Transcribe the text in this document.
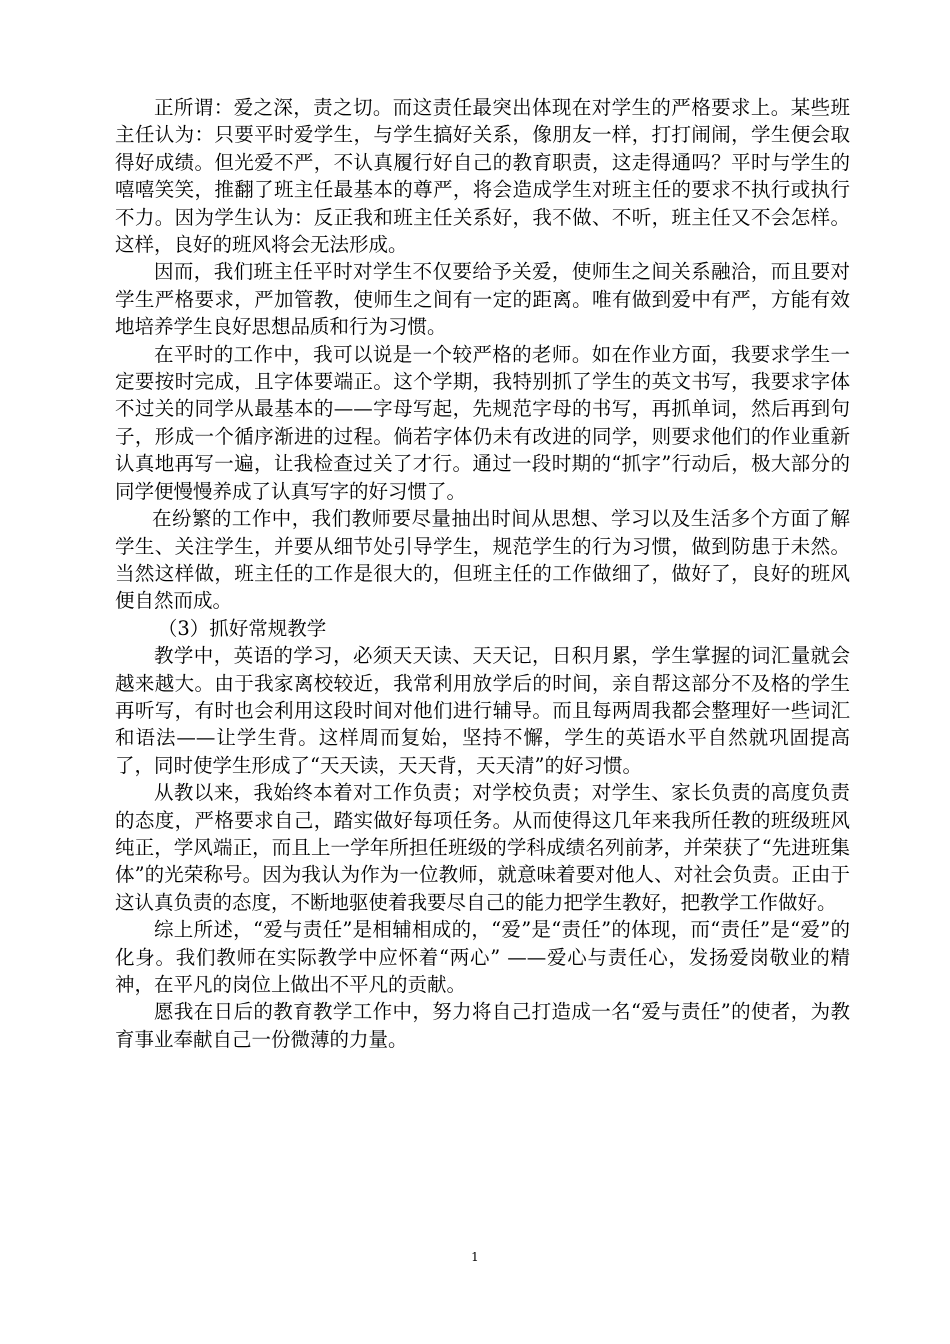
正所谓：爱之深，责之切。而这责任最突出体现在对学生的严格要求上。某些班主任认为：只要平时爱学生，与学生搞好关系，像朋友一样，打打闹闹，学生便会取得好成绩。但光爱不严，不认真履行好自己的教育职责，这走得通吗？平时与学生的嘻嘻笑笑，推翻了班主任最基本的尊严，将会造成学生对班主任的要求不执行或执行不力。因为学生认为：反正我和班主任关系好，我不做、不听，班主任又不会怎样。这样，良好的班风将会无法形成。

因而，我们班主任平时对学生不仅要给予关爱，使师生之间关系融洽，而且要对学生严格要求，严加管教，使师生之间有一定的距离。唯有做到爱中有严，方能有效地培养学生良好思想品质和行为习惯。

在平时的工作中，我可以说是一个较严格的老师。如在作业方面，我要求学生一定要按时完成，且字体要端正。这个学期，我特别抓了学生的英文书写，我要求字体不过关的同学从最基本的——字母写起，先规范字母的书写，再抓单词，然后再到句子，形成一个循序渐进的过程。倘若字体仍未有改进的同学，则要求他们的作业重新认真地再写一遍，让我检查过关了才行。通过一段时期的“抓字”行动后，极大部分的同学便慢慢养成了认真写字的好习惯了。

在纷繁的工作中，我们教师要尽量抽出时间从思想、学习以及生活多个方面了解学生、关注学生，并要从细节处引导学生，规范学生的行为习惯，做到防患于未然。当然这样做，班主任的工作是很大的，但班主任的工作做细了，做好了，良好的班风便自然而成。

（3）抓好常规教学

教学中，英语的学习，必须天天读、天天记，日积月累，学生掌握的词汇量就会越来越大。由于我家离校较近，我常利用放学后的时间，亲自帮这部分不及格的学生再听写，有时也会利用这段时间对他们进行辅导。而且每两周我都会整理好一些词汇和语法——让学生背。这样周而复始，坚持不懈，学生的英语水平自然就巩固提高了，同时使学生形成了“天天读，天天背，天天清”的好习惯。

从教以来，我始终本着对工作负责；对学校负责；对学生、家长负责的高度负责的态度，严格要求自己，踏实做好每项任务。从而使得这几年来我所任教的班级班风纯正，学风端正，而且上一学年所担任班级的学科成绩名列前茅，并荣获了“先进班集体”的光荣称号。因为我认为作为一位教师，就意味着要对他人、对社会负责。正由于这认真负责的态度，不断地驱使着我要尽自己的能力把学生教好，把教学工作做好。

综上所述，“爱与责任”是相辅相成的，“爱”是“责任”的体现，而“责任”是“爱”的化身。我们教师在实际教学中应怀着“两心” ——爱心与责任心，发扬爱岗敬业的精神，在平凡的岗位上做出不平凡的贡献。

愿我在日后的教育教学工作中，努力将自己打造成一名“爱与责任”的使者，为教育事业奉献自己一份微薄的力量。

1
